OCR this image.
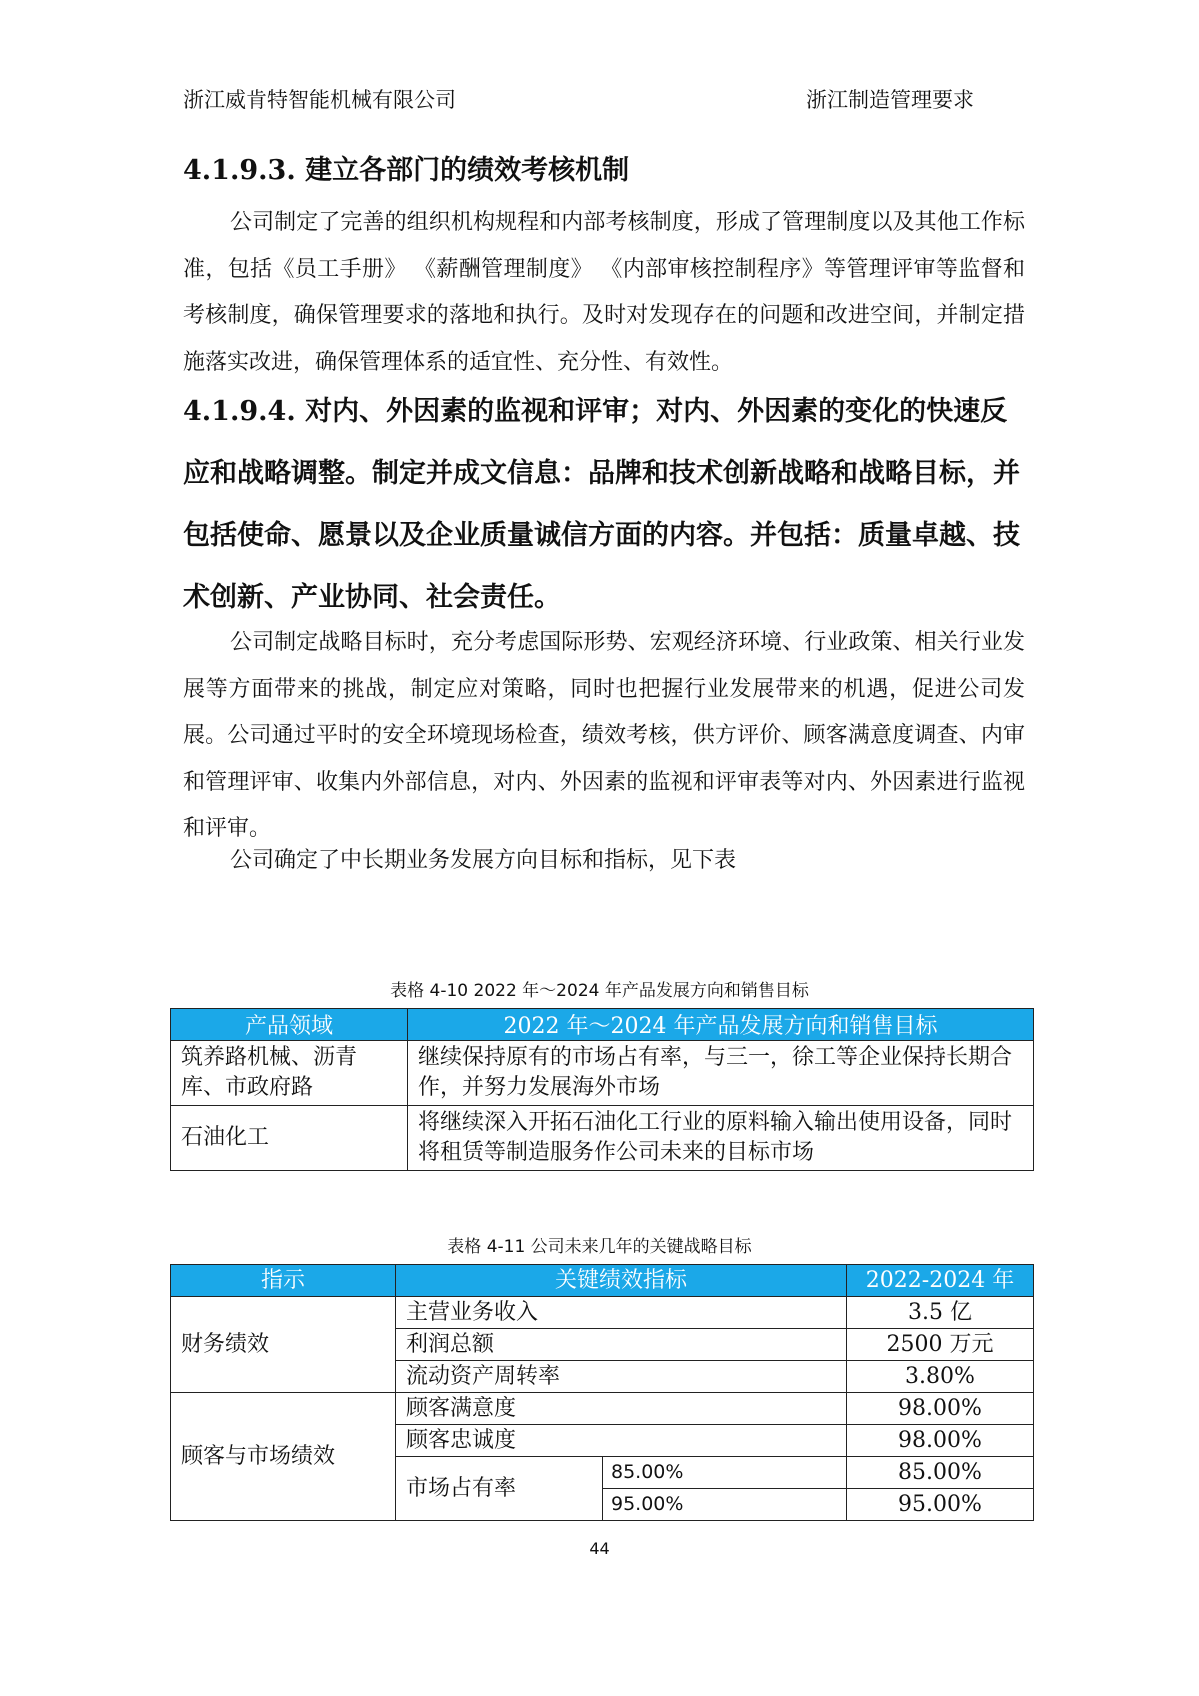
浙江威肯特智能机械有限公司	浙江制造管理要求
4.1.9.3. 建立各部门的绩效考核机制

公司制定了完善的组织机构规程和内部考核制度，形成了管理制度以及其他工作标准，包括《员工手册》 《薪酬管理制度》 《内部审核控制程序》等管理评审等监督和考核制度，确保管理要求的落地和执行。及时对发现存在的问题和改进空间，并制定措施落实改进，确保管理体系的适宜性、充分性、有效性。

4.1.9.4. 对内、外因素的监视和评审；对内、外因素的变化的快速反应和战略调整。制定并成文信息：品牌和技术创新战略和战略目标，并包括使命、愿景以及企业质量诚信方面的内容。并包括：质量卓越、技术创新、产业协同、社会责任。

公司制定战略目标时，充分考虑国际形势、宏观经济环境、行业政策、相关行业发展等方面带来的挑战，制定应对策略，同时也把握行业发展带来的机遇，促进公司发展。公司通过平时的安全环境现场检查，绩效考核，供方评价、顾客满意度调查、内审和管理评审、收集内外部信息，对内、外因素的监视和评审表等对内、外因素进行监视和评审。

公司确定了中长期业务发展方向目标和指标，见下表

表格 4-10 2022 年～2024 年产品发展方向和销售目标
产品领域	2022 年～2024 年产品发展方向和销售目标
筑养路机械、沥青库、市政府路	继续保持原有的市场占有率，与三一，徐工等企业保持长期合作，并努力发展海外市场
石油化工	将继续深入开拓石油化工行业的原料输入输出使用设备，同时将租赁等制造服务作公司未来的目标市场
表格 4-11 公司未来几年的关键战略目标
指示	关键绩效指标		2022-2024 年
财务绩效	主营业务收入		3.5 亿
	利润总额		2500 万元
	流动资产周转率		3.80%
顾客与市场绩效	顾客满意度		98.00%
	顾客忠诚度		98.00%
	市场占有率	85.00%	85.00%
		95.00%	95.00%
44
